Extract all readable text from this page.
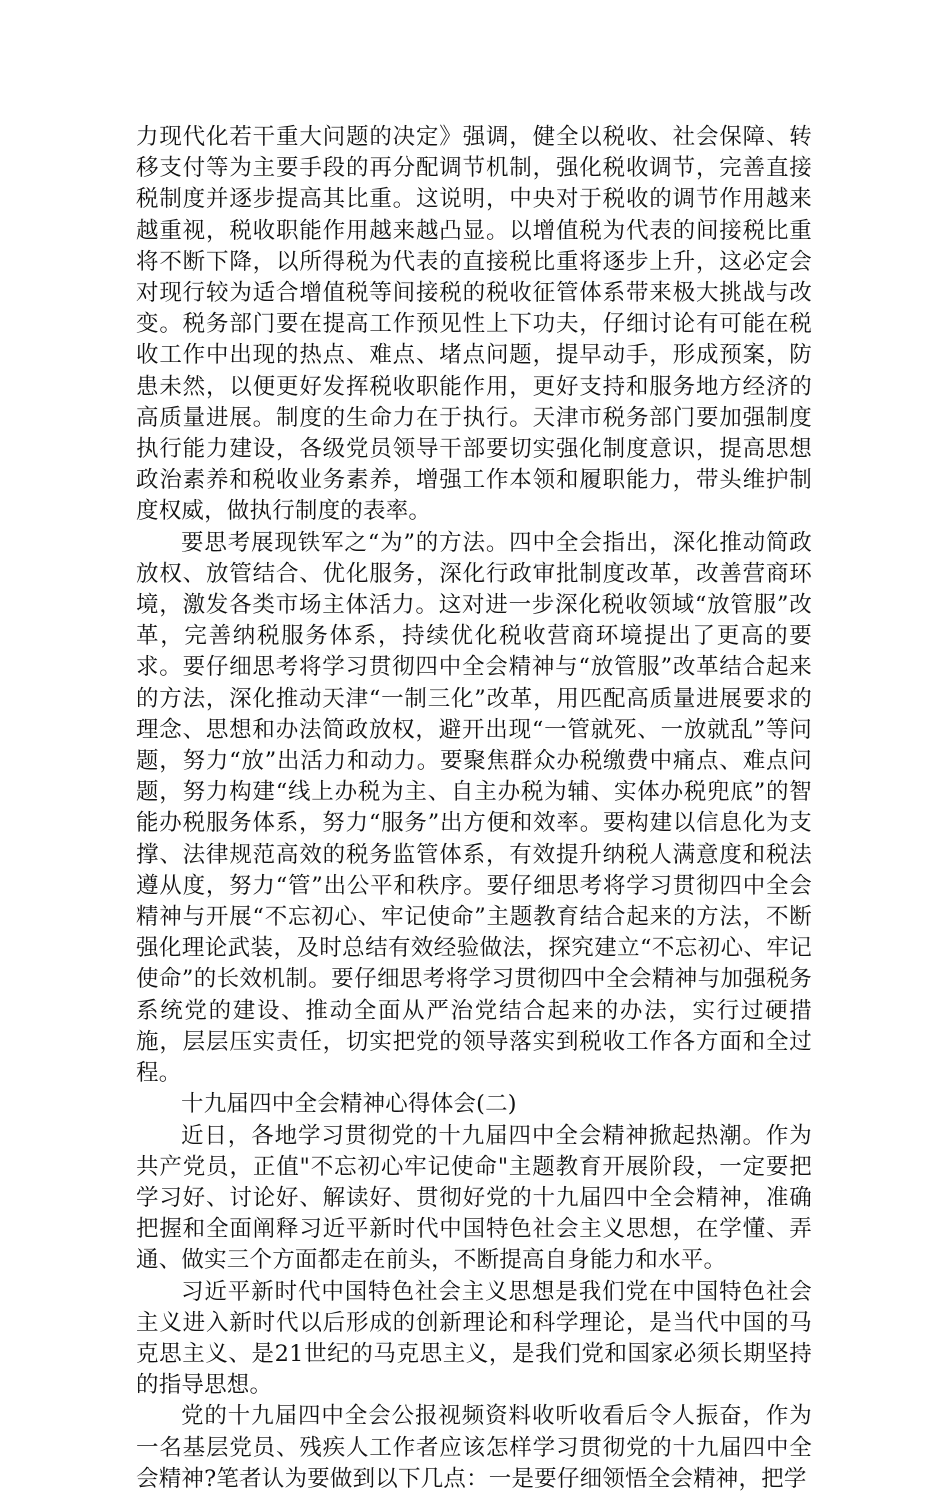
力现代化若干重大问题的决定》强调，健全以税收、社会保障、转移支付等为主要手段的再分配调节机制，强化税收调节，完善直接税制度并逐步提高其比重。这说明，中央对于税收的调节作用越来越重视，税收职能作用越来越凸显。以增值税为代表的间接税比重将不断下降，以所得税为代表的直接税比重将逐步上升，这必定会对现行较为适合增值税等间接税的税收征管体系带来极大挑战与改变。税务部门要在提高工作预见性上下功夫，仔细讨论有可能在税收工作中出现的热点、难点、堵点问题，提早动手，形成预案，防患未然，以便更好发挥税收职能作用，更好支持和服务地方经济的高质量进展。制度的生命力在于执行。天津市税务部门要加强制度执行能力建设，各级党员领导干部要切实强化制度意识，提高思想政治素养和税收业务素养，增强工作本领和履职能力，带头维护制度权威，做执行制度的表率。

要思考展现铁军之“为”的方法。四中全会指出，深化推动简政放权、放管结合、优化服务，深化行政审批制度改革，改善营商环境，激发各类市场主体活力。这对进一步深化税收领域“放管服”改革，完善纳税服务体系，持续优化税收营商环境提出了更高的要求。要仔细思考将学习贯彻四中全会精神与“放管服”改革结合起来的方法，深化推动天津“一制三化”改革，用匹配高质量进展要求的理念、思想和办法简政放权，避开出现“一管就死、一放就乱”等问题，努力“放”出活力和动力。要聚焦群众办税缴费中痛点、难点问题，努力构建“线上办税为主、自主办税为辅、实体办税兜底”的智能办税服务体系，努力“服务”出方便和效率。要构建以信息化为支撑、法律规范高效的税务监管体系，有效提升纳税人满意度和税法遵从度，努力“管”出公平和秩序。要仔细思考将学习贯彻四中全会精神与开展“不忘初心、牢记使命”主题教育结合起来的方法，不断强化理论武装，及时总结有效经验做法，探究建立“不忘初心、牢记使命”的长效机制。要仔细思考将学习贯彻四中全会精神与加强税务系统党的建设、推动全面从严治党结合起来的办法，实行过硬措施，层层压实责任，切实把党的领导落实到税收工作各方面和全过程。

十九届四中全会精神心得体会(二)

近日，各地学习贯彻党的十九届四中全会精神掀起热潮。作为共产党员，正值"不忘初心牢记使命"主题教育开展阶段，一定要把学习好、讨论好、解读好、贯彻好党的十九届四中全会精神，准确把握和全面阐释习近平新时代中国特色社会主义思想，在学懂、弄通、做实三个方面都走在前头，不断提高自身能力和水平。

习近平新时代中国特色社会主义思想是我们党在中国特色社会主义进入新时代以后形成的创新理论和科学理论，是当代中国的马克思主义、是21世纪的马克思主义，是我们党和国家必须长期坚持的指导思想。

党的十九届四中全会公报视频资料收听收看后令人振奋，作为一名基层党员、残疾人工作者应该怎样学习贯彻党的十九届四中全会精神?笔者认为要做到以下几点：一是要仔细领悟全会精神，把学
